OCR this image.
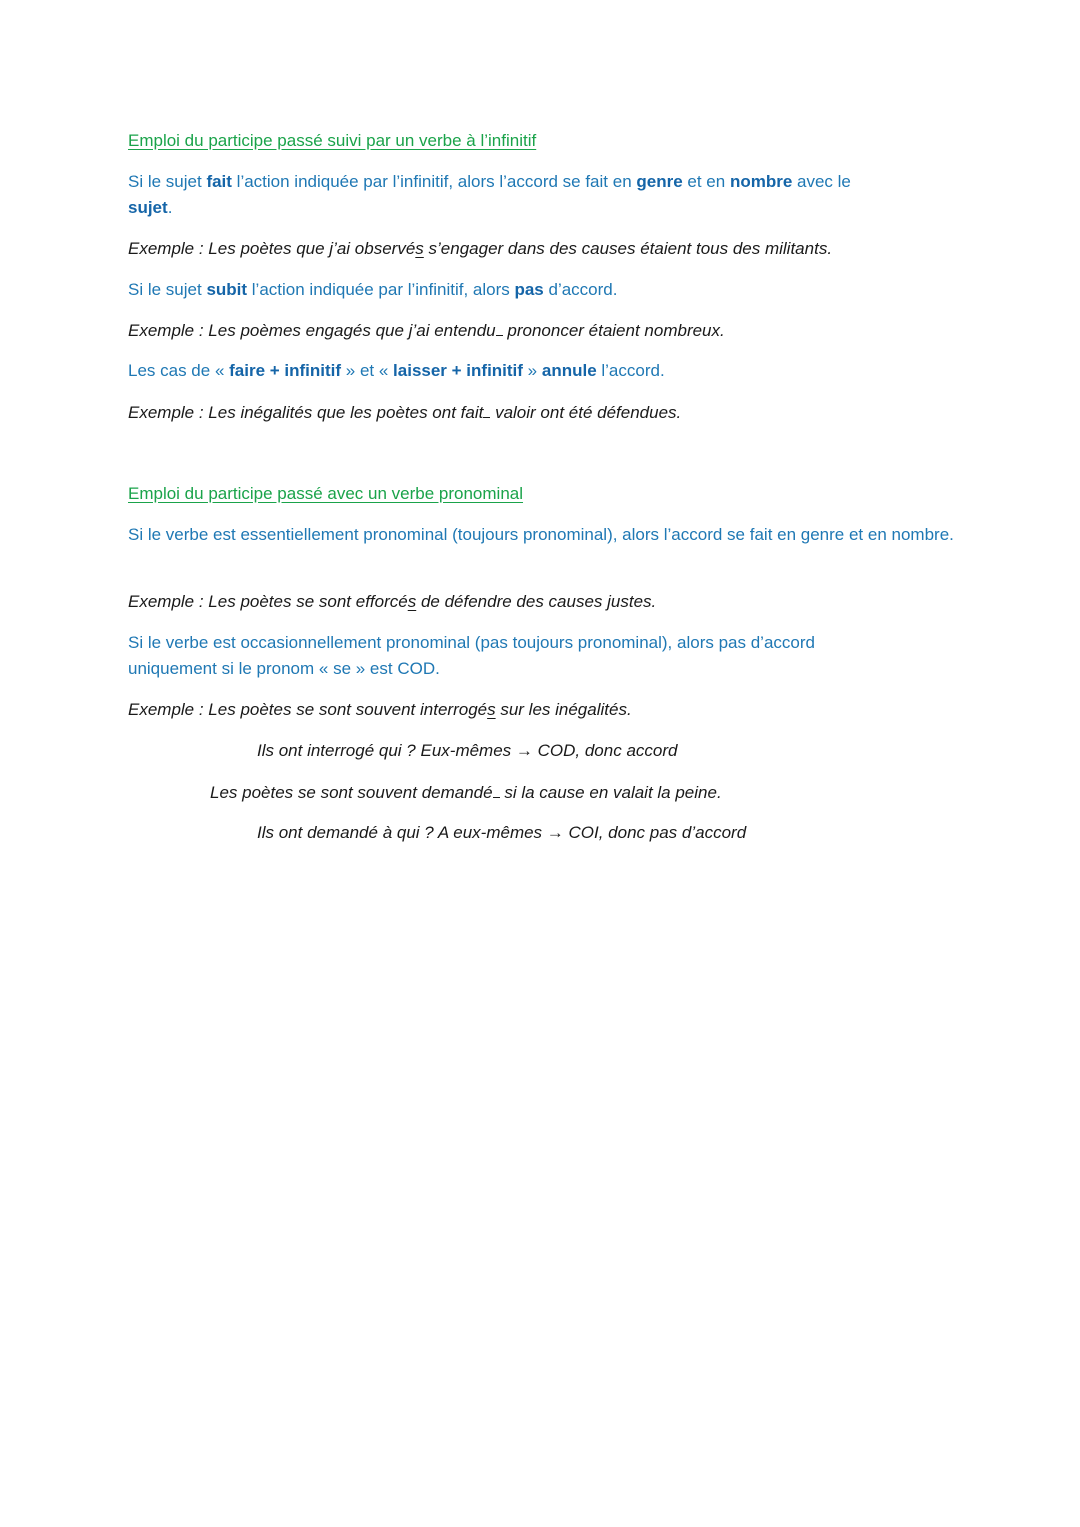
Emploi du participe passé suivi par un verbe à l’infinitif

Si le sujet fait l’action indiquée par l’infinitif, alors l’accord se fait en genre et en nombre avec le
sujet.

Exemple : Les poètes que j’ai observés s’engager dans des causes étaient tous des militants.

Si le sujet subit l’action indiquée par l’infinitif, alors pas d’accord.

Exemple : Les poèmes engagés que j’ai entendu prononcer étaient nombreux.

Les cas de « faire + infinitif » et « laisser + infinitif » annule l’accord.

Exemple : Les inégalités que les poètes ont fait valoir ont été défendues.

Emploi du participe passé avec un verbe pronominal

Si le verbe est essentiellement pronominal (toujours pronominal), alors l’accord se fait en genre et en nombre.

Exemple : Les poètes se sont efforcés de défendre des causes justes.

Si le verbe est occasionnellement pronominal (pas toujours pronominal), alors pas d’accord uniquement si le pronom « se » est COD.

Exemple : Les poètes se sont souvent interrogés sur les inégalités.

Ils ont interrogé qui ? Eux-mêmes → COD, donc accord

Les poètes se sont souvent demandé si la cause en valait la peine.

Ils ont demandé à qui ? A eux-mêmes → COI, donc pas d’accord
